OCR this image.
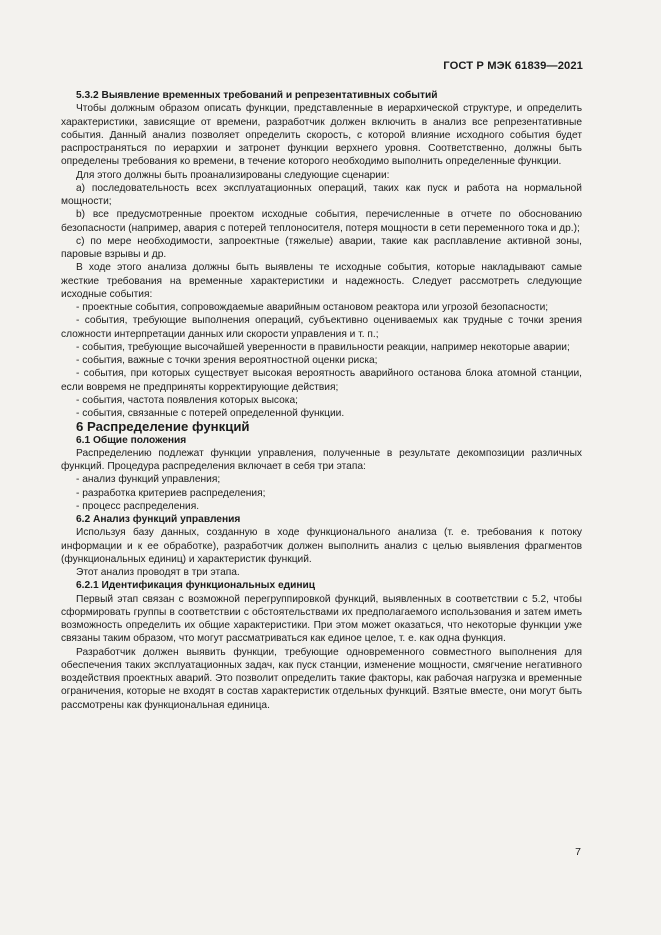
ГОСТ Р МЭК 61839—2021

5.3.2 Выявление временных требований и репрезентативных событий

Чтобы должным образом описать функции, представленные в иерархической структуре, и определить характеристики, зависящие от времени, разработчик должен включить в анализ все репрезентативные события. Данный анализ позволяет определить скорость, с которой влияние исходного события будет распространяться по иерархии и затронет функции верхнего уровня. Соответственно, должны быть определены требования ко времени, в течение которого необходимо выполнить определенные функции.

Для этого должны быть проанализированы следующие сценарии:

a) последовательность всех эксплуатационных операций, таких как пуск и работа на нормальной мощности;

b) все предусмотренные проектом исходные события, перечисленные в отчете по обоснованию безопасности (например, авария с потерей теплоносителя, потеря мощности в сети переменного тока и др.);

c) по мере необходимости, запроектные (тяжелые) аварии, такие как расплавление активной зоны, паровые взрывы и др.

В ходе этого анализа должны быть выявлены те исходные события, которые накладывают самые жесткие требования на временные характеристики и надежность. Следует рассмотреть следующие исходные события:

- проектные события, сопровождаемые аварийным остановом реактора или угрозой безопасности;

- события, требующие выполнения операций, субъективно оцениваемых как трудные с точки зрения сложности интерпретации данных или скорости управления и т. п.;

- события, требующие высочайшей уверенности в правильности реакции, например некоторые аварии;

- события, важные с точки зрения вероятностной оценки риска;

- события, при которых существует высокая вероятность аварийного останова блока атомной станции, если вовремя не предприняты корректирующие действия;

- события, частота появления которых высока;

- события, связанные с потерей определенной функции.

6 Распределение функций

6.1 Общие положения

Распределению подлежат функции управления, полученные в результате декомпозиции различных функций. Процедура распределения включает в себя три этапа:

- анализ функций управления;

- разработка критериев распределения;

- процесс распределения.

6.2 Анализ функций управления

Используя базу данных, созданную в ходе функционального анализа (т. е. требования к потоку информации и к ее обработке), разработчик должен выполнить анализ с целью выявления фрагментов (функциональных единиц) и характеристик функций.

Этот анализ проводят в три этапа.

6.2.1 Идентификация функциональных единиц

Первый этап связан с возможной перегруппировкой функций, выявленных в соответствии с 5.2, чтобы сформировать группы в соответствии с обстоятельствами их предполагаемого использования и затем иметь возможность определить их общие характеристики. При этом может оказаться, что некоторые функции уже связаны таким образом, что могут рассматриваться как единое целое, т. е. как одна функция.

Разработчик должен выявить функции, требующие одновременного совместного выполнения для обеспечения таких эксплуатационных задач, как пуск станции, изменение мощности, смягчение негативного воздействия проектных аварий. Это позволит определить такие факторы, как рабочая нагрузка и временные ограничения, которые не входят в состав характеристик отдельных функций. Взятые вместе, они могут быть рассмотрены как функциональная единица.

7
